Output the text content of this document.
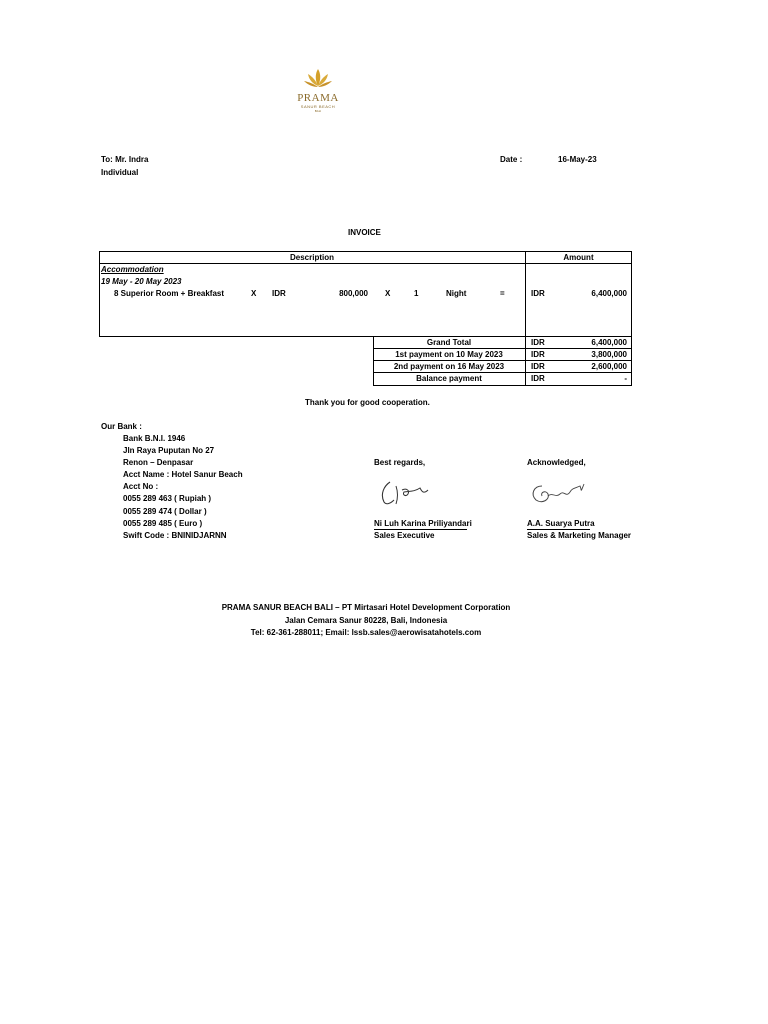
PRAMA
SANUR BEACH
BALI
To: Mr. Indra
Individual
Date :	16-May-23
INVOICE
Description	Amount
Accommodation
19 May - 20 May 2023
8 Superior Room + Breakfast	X IDR	800,000 X	1	Night	=	IDR	6,400,000
Grand Total	IDR	6,400,000
1st payment on 10 May 2023	IDR	3,800,000
2nd payment on 16 May 2023	IDR	2,600,000
Balance payment	IDR	-
Thank you for good cooperation.
Our Bank :
Bank B.N.I. 1946
Jln Raya Puputan No 27
Renon – Denpasar
Acct Name : Hotel Sanur Beach
Acct No :
0055 289 463 ( Rupiah )
0055 289 474 ( Dollar )
0055 289 485 ( Euro )
Swift Code : BNINIDJARNN
Best regards,	Acknowledged,
Ni Luh Karina Priliyandari
Sales Executive
A.A. Suarya Putra
Sales & Marketing Manager
PRAMA SANUR BEACH BALI – PT Mirtasari Hotel Development Corporation
Jalan Cemara Sanur 80228, Bali, Indonesia
Tel: 62-361-288011; Email: lssb.sales@aerowisatahotels.com
